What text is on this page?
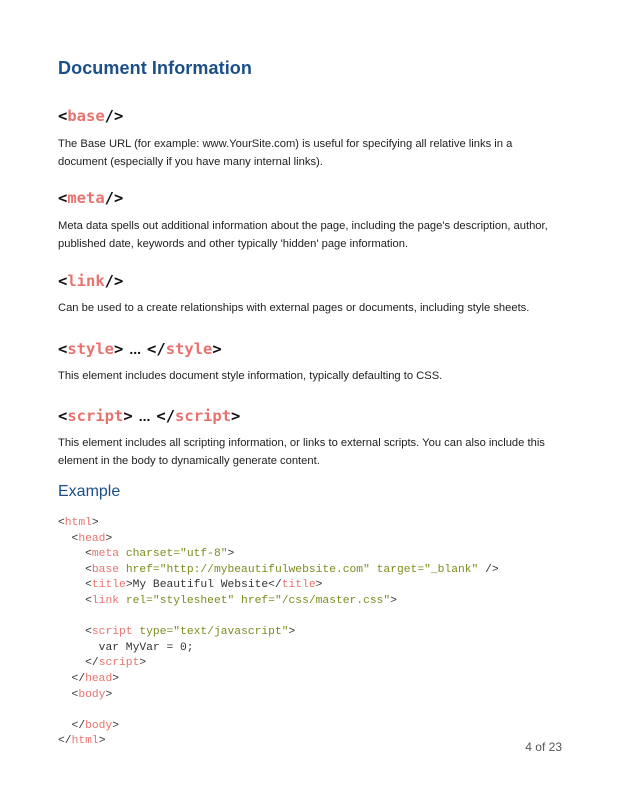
Document Information
<base/>

The Base URL (for example: www.YourSite.com) is useful for specifying all relative links in a document (especially if you have many internal links).

<meta/>

Meta data spells out additional information about the page, including the page's description, author, published date, keywords and other typically 'hidden' page information.

<link/>

Can be used to a create relationships with external pages or documents, including style sheets.

<style> ... </style>

This element includes document style information, typically defaulting to CSS.

<script> ... </script>

This element includes all scripting information, or links to external scripts. You can also include this element in the body to dynamically generate content.

Example
<html>
<head>
<meta charset="utf-8">
<base href="http://mybeautifulwebsite.com" target="_blank" />
<title>My Beautiful Website</title>
<link rel="stylesheet" href="/css/master.css">

<script type="text/javascript">
var MyVar = 0;
</script>
</head>
<body>

</body>
</html>	4 of 23
